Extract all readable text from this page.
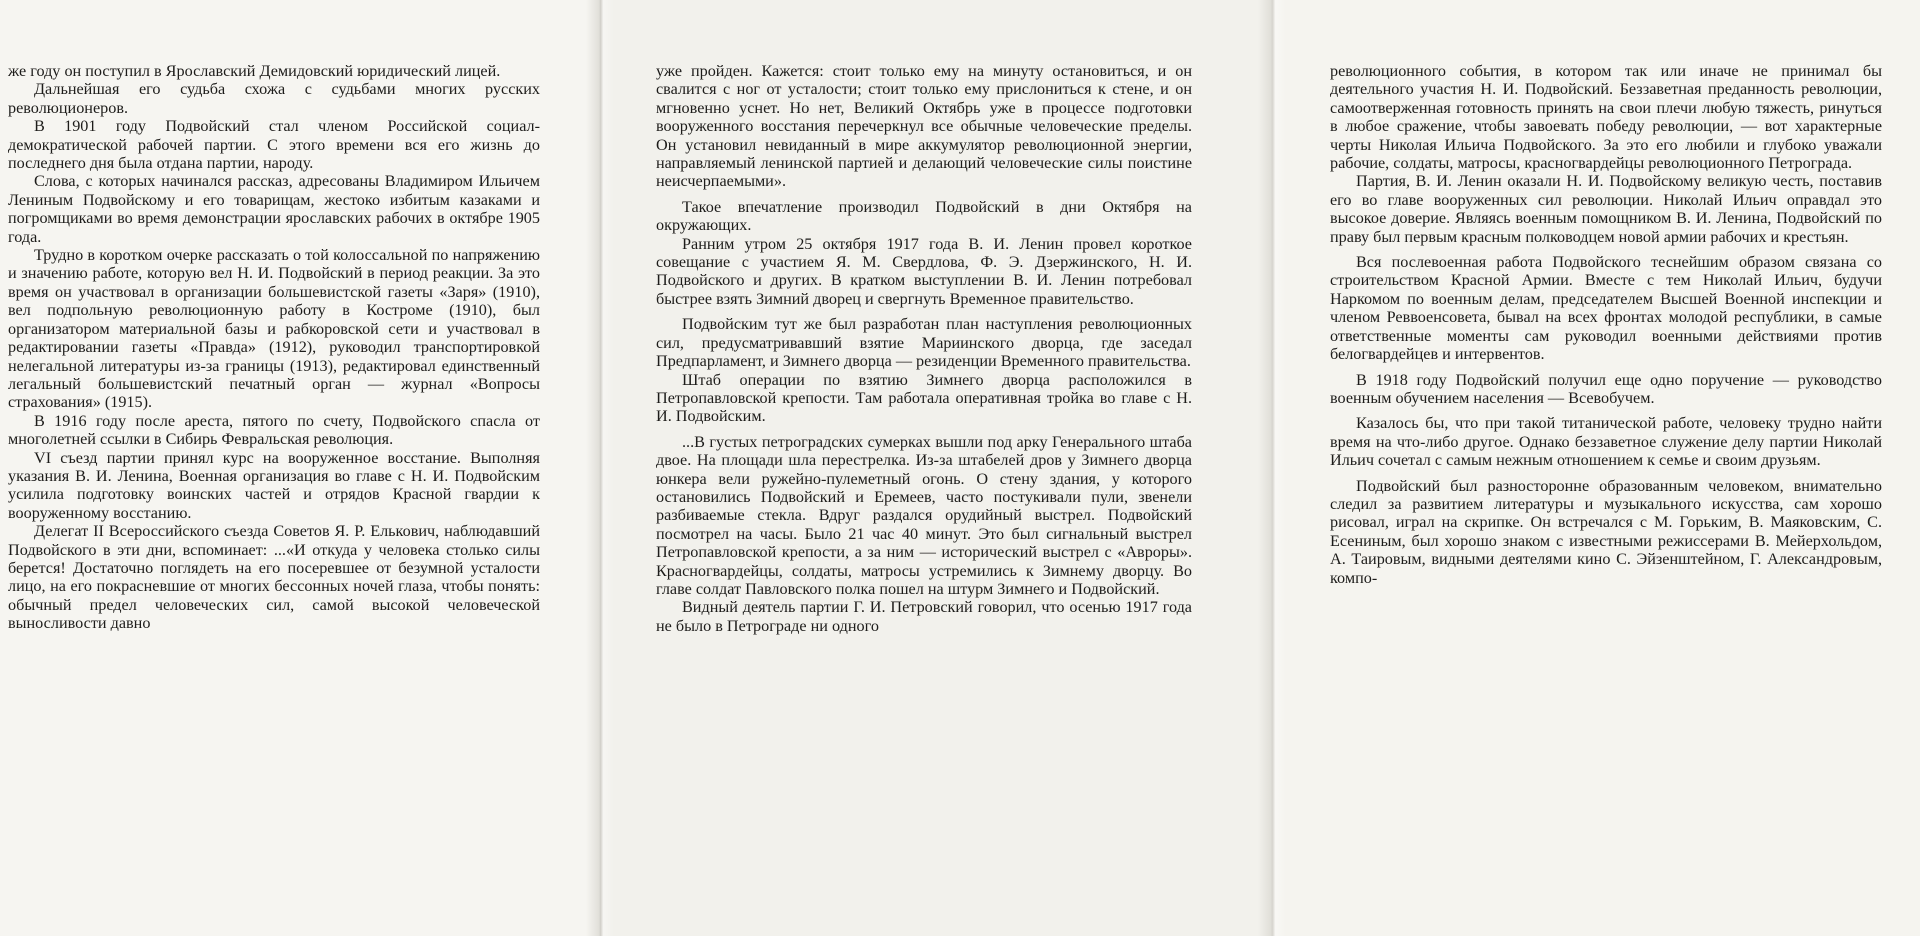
же году он поступил в Ярославский Демидовский юридический лицей.

Дальнейшая его судьба схожа с судьбами многих русских революционеров.

В 1901 году Подвойский стал членом Российской социал-демократической рабочей партии. С этого времени вся его жизнь до последнего дня была отдана партии, народу.

Слова, с которых начинался рассказ, адресованы Владимиром Ильичем Лениным Подвойскому и его товарищам, жестоко избитым казаками и погромщиками во время демонстрации ярославских рабочих в октябре 1905 года.

Трудно в коротком очерке рассказать о той колоссальной по напряжению и значению работе, которую вел Н. И. Подвойский в период реакции. За это время он участвовал в организации большевистской газеты «Заря» (1910), вел подпольную революционную работу в Костроме (1910), был организатором материальной базы и рабкоровской сети и участвовал в редактировании газеты «Правда» (1912), руководил транспортировкой нелегальной литературы из-за границы (1913), редактировал единственный легальный большевистский печатный орган — журнал «Вопросы страхования» (1915).

В 1916 году после ареста, пятого по счету, Подвойского спасла от многолетней ссылки в Сибирь Февральская революция.

VI съезд партии принял курс на вооруженное восстание. Выполняя указания В. И. Ленина, Военная организация во главе с Н. И. Подвойским усилила подготовку воинских частей и отрядов Красной гвардии к вооруженному восстанию.

Делегат II Всероссийского съезда Советов Я. Р. Елькович, наблюдавший Подвойского в эти дни, вспоминает: ...«И откуда у человека столько силы берется! Достаточно поглядеть на его посеревшее от безумной усталости лицо, на его покрасневшие от многих бессонных ночей глаза, чтобы понять: обычный предел человеческих сил, самой высокой человеческой выносливости давно

уже пройден. Кажется: стоит только ему на минуту остановиться, и он свалится с ног от усталости; стоит только ему прислониться к стене, и он мгновенно уснет. Но нет, Великий Октябрь уже в процессе подготовки вооруженного восстания перечеркнул все обычные человеческие пределы. Он установил невиданный в мире аккумулятор революционной энергии, направляемый ленинской партией и делающий человеческие силы поистине неисчерпаемыми».

Такое впечатление производил Подвойский в дни Октября на окружающих.

Ранним утром 25 октября 1917 года В. И. Ленин провел короткое совещание с участием Я. М. Свердлова, Ф. Э. Дзержинского, Н. И. Подвойского и других. В кратком выступлении В. И. Ленин потребовал быстрее взять Зимний дворец и свергнуть Временное правительство.

Подвойским тут же был разработан план наступления революционных сил, предусматривавший взятие Мариинского дворца, где заседал Предпарламент, и Зимнего дворца — резиденции Временного правительства.

Штаб операции по взятию Зимнего дворца расположился в Петропавловской крепости. Там работала оперативная тройка во главе с Н. И. Подвойским.

...В густых петроградских сумерках вышли под арку Генерального штаба двое. На площади шла перестрелка. Из-за штабелей дров у Зимнего дворца юнкера вели ружейно-пулеметный огонь. О стену здания, у которого остановились Подвойский и Еремеев, часто постукивали пули, звенели разбиваемые стекла. Вдруг раздался орудийный выстрел. Подвойский посмотрел на часы. Было 21 час 40 минут. Это был сигнальный выстрел Петропавловской крепости, а за ним — исторический выстрел с «Авроры». Красногвардейцы, солдаты, матросы устремились к Зимнему дворцу. Во главе солдат Павловского полка пошел на штурм Зимнего и Подвойский.

Видный деятель партии Г. И. Петровский говорил, что осенью 1917 года не было в Петрограде ни одного

революционного события, в котором так или иначе не принимал бы деятельного участия Н. И. Подвойский. Беззаветная преданность революции, самоотверженная готовность принять на свои плечи любую тяжесть, ринуться в любое сражение, чтобы завоевать победу революции, — вот характерные черты Николая Ильича Подвойского. За это его любили и глубоко уважали рабочие, солдаты, матросы, красногвардейцы революционного Петрограда.

Партия, В. И. Ленин оказали Н. И. Подвойскому великую честь, поставив его во главе вооруженных сил революции. Николай Ильич оправдал это высокое доверие. Являясь военным помощником В. И. Ленина, Подвойский по праву был первым красным полководцем новой армии рабочих и крестьян.

Вся послевоенная работа Подвойского теснейшим образом связана со строительством Красной Армии. Вместе с тем Николай Ильич, будучи Наркомом по военным делам, председателем Высшей Военной инспекции и членом Реввоенсовета, бывал на всех фронтах молодой республики, в самые ответственные моменты сам руководил военными действиями против белогвардейцев и интервентов.

В 1918 году Подвойский получил еще одно поручение — руководство военным обучением населения — Всевобучем.

Казалось бы, что при такой титанической работе, человеку трудно найти время на что-либо другое. Однако беззаветное служение делу партии Николай Ильич сочетал с самым нежным отношением к семье и своим друзьям.

Подвойский был разносторонне образованным человеком, внимательно следил за развитием литературы и музыкального искусства, сам хорошо рисовал, играл на скрипке. Он встречался с М. Горьким, В. Маяковским, С. Есениным, был хорошо знаком с известными режиссерами В. Мейерхольдом, А. Таировым, видными деятелями кино С. Эйзенштейном, Г. Александровым, компо-
